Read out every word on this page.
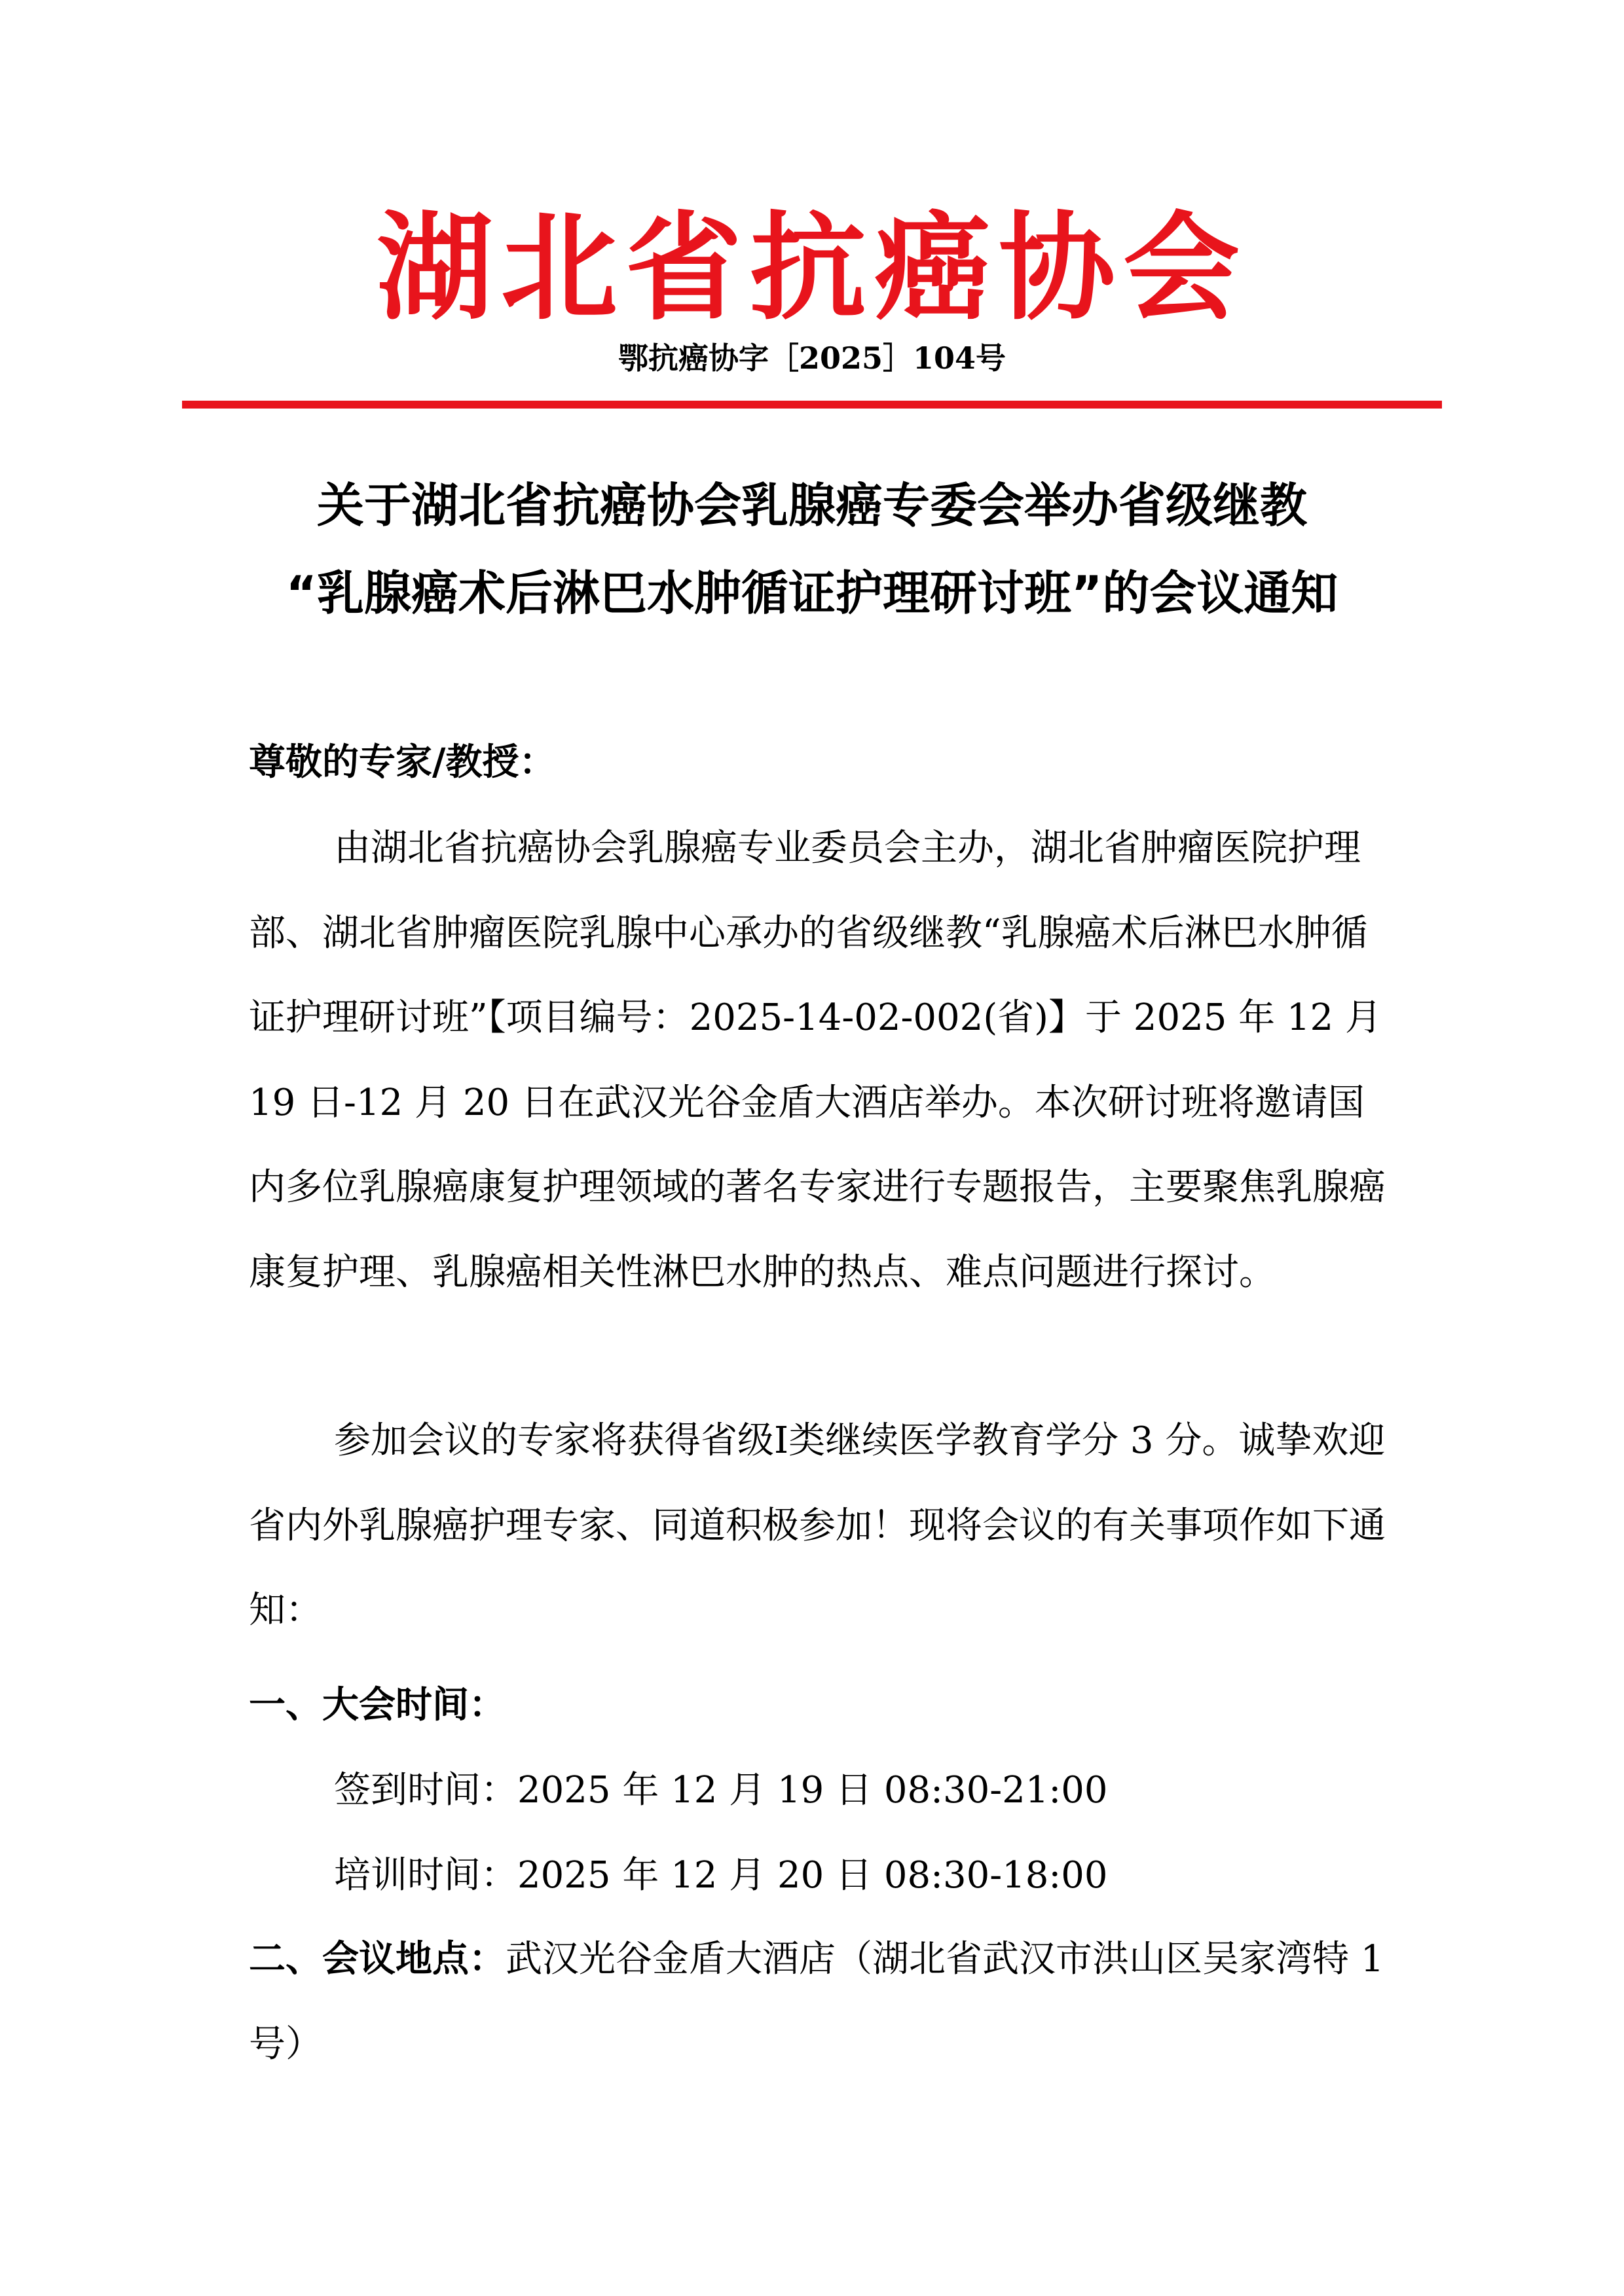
湖北省抗癌协会
鄂抗癌协字［2025］104号
关于湖北省抗癌协会乳腺癌专委会举办省级继教
“乳腺癌术后淋巴水肿循证护理研讨班”的会议通知
尊敬的专家/教授：
由湖北省抗癌协会乳腺癌专业委员会主办，湖北省肿瘤医院护理部、湖北省肿瘤医院乳腺中心承办的省级继教“乳腺癌术后淋巴水肿循证护理研讨班”【项目编号：2025-14-02-002(省)】于 2025 年 12 月 19 日-12 月 20 日在武汉光谷金盾大酒店举办。本次研讨班将邀请国内多位乳腺癌康复护理领域的著名专家进行专题报告，主要聚焦乳腺癌康复护理、乳腺癌相关性淋巴水肿的热点、难点问题进行探讨。
参加会议的专家将获得省级Ⅰ类继续医学教育学分 3 分。诚挚欢迎省内外乳腺癌护理专家、同道积极参加！现将会议的有关事项作如下通知：
一、大会时间：
签到时间：2025 年 12 月 19 日 08:30-21:00
培训时间：2025 年 12 月 20 日 08:30-18:00
二、会议地点：武汉光谷金盾大酒店（湖北省武汉市洪山区吴家湾特 1 号）
